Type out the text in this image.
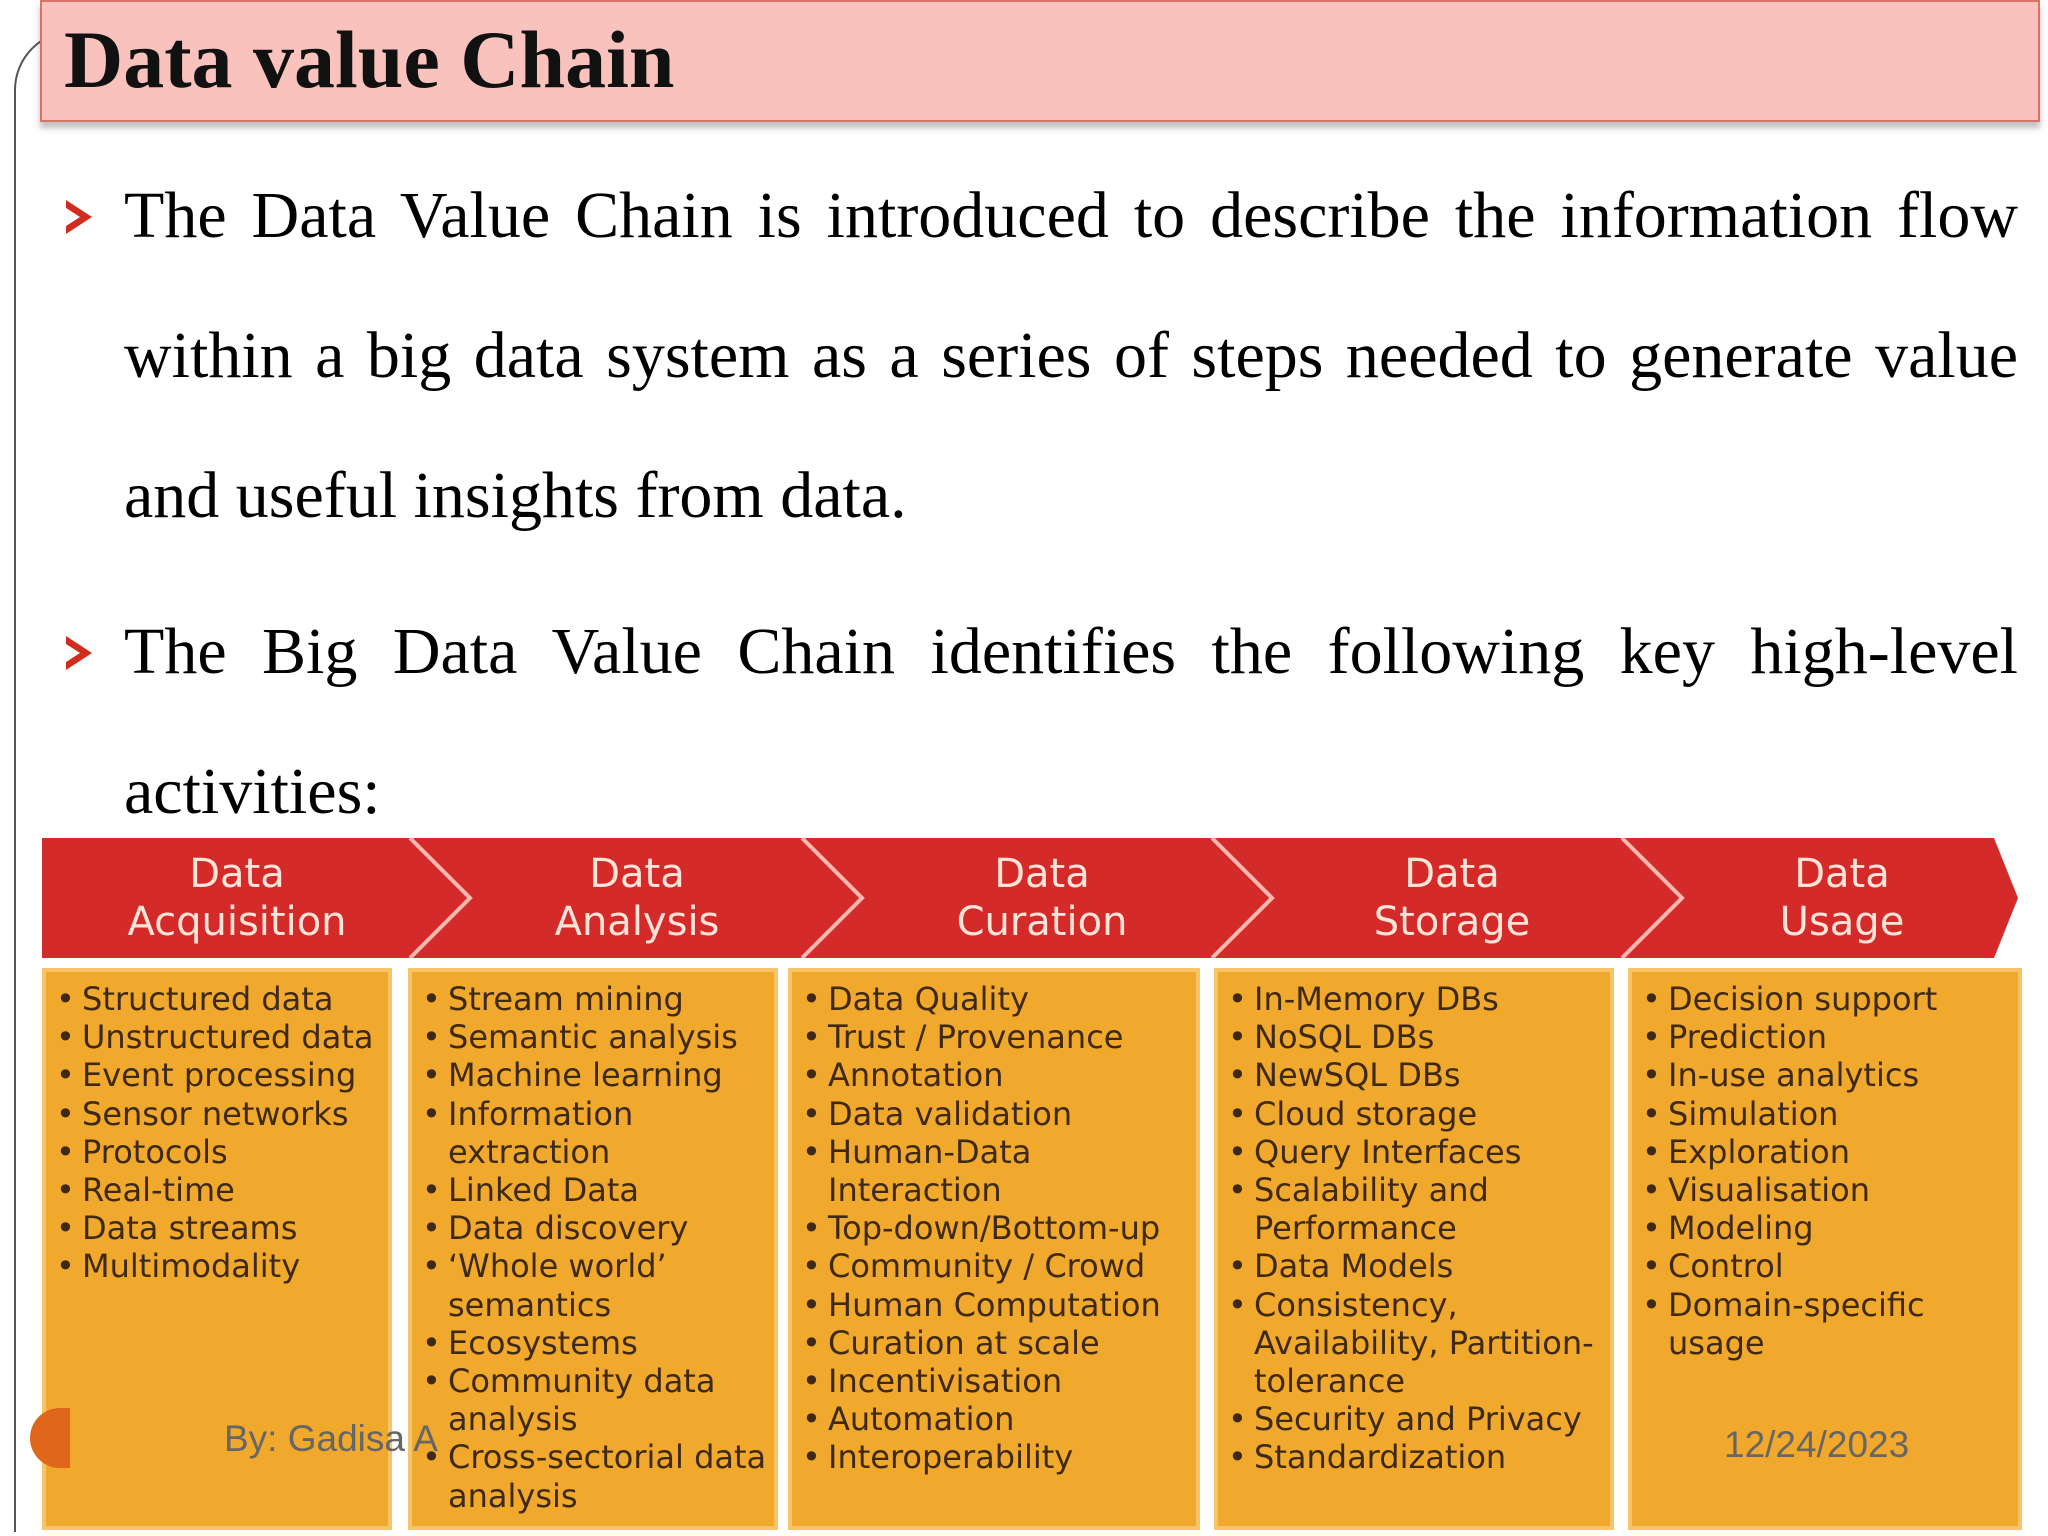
Data value Chain
The Data Value Chain is introduced to describe the information flow within a big data system as a series of steps needed to generate value and useful insights from data.
The Big Data Value Chain identifies the following key high-level activities:
Data
Acquisition
Data
Analysis
Data
Curation
Data
Storage
Data
Usage
• Structured data
• Unstructured data
• Event processing
• Sensor networks
• Protocols
• Real-time
• Data streams
• Multimodality
• Stream mining
• Semantic analysis
• Machine learning
• Information extraction
• Linked Data
• Data discovery
• ‘Whole world’ semantics
• Ecosystems
• Community data analysis
• Cross-sectorial data analysis
• Data Quality
• Trust / Provenance
• Annotation
• Data validation
• Human-Data Interaction
• Top-down/Bottom-up
• Community / Crowd
• Human Computation
• Curation at scale
• Incentivisation
• Automation
• Interoperability
• In-Memory DBs
• NoSQL DBs
• NewSQL DBs
• Cloud storage
• Query Interfaces
• Scalability and Performance
• Data Models
• Consistency, Availability, Partition-tolerance
• Security and Privacy
• Standardization
• Decision support
• Prediction
• In-use analytics
• Simulation
• Exploration
• Visualisation
• Modeling
• Control
• Domain-specific usage
By: Gadisa A	12/24/2023
